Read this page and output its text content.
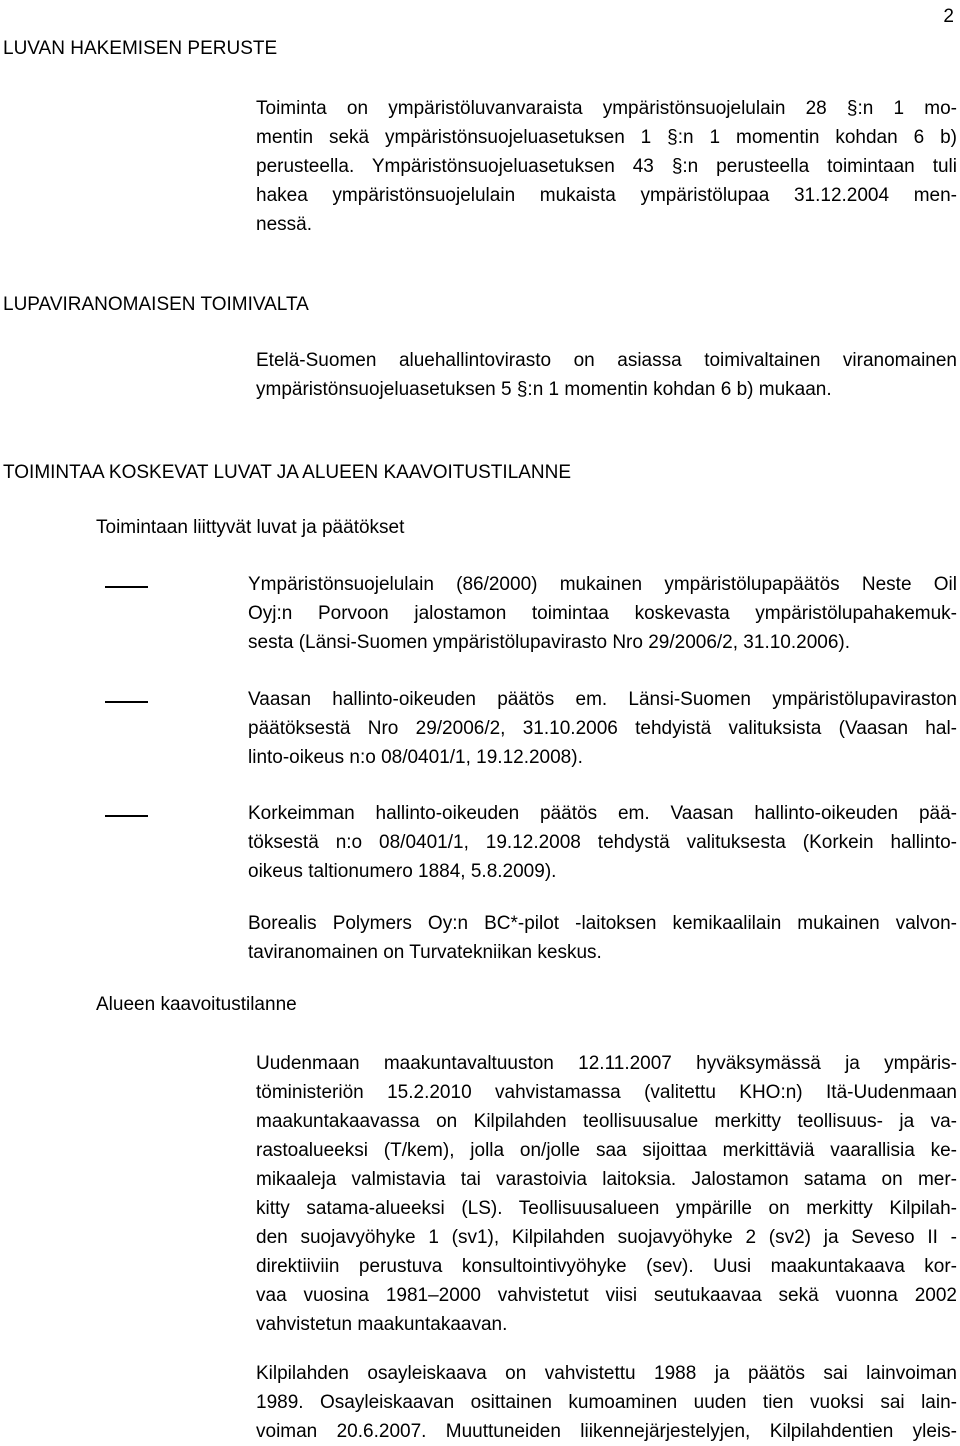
2
LUVAN HAKEMISEN PERUSTE
Toiminta on ympäristöluvanvaraista ympäristönsuojelulain 28 §:n 1 mo-
mentin sekä ympäristönsuojeluasetuksen 1 §:n 1 momentin kohdan 6 b)
perusteella. Ympäristönsuojeluasetuksen 43 §:n perusteella toimintaan tuli
hakea ympäristönsuojelulain mukaista ympäristölupaa 31.12.2004 men-
nessä.
LUPAVIRANOMAISEN TOIMIVALTA
Etelä-Suomen aluehallintovirasto on asiassa toimivaltainen viranomainen
ympäristönsuojeluasetuksen 5 §:n 1 momentin kohdan 6 b) mukaan.
TOIMINTAA KOSKEVAT LUVAT JA ALUEEN KAAVOITUSTILANNE
Toimintaan liittyvät luvat ja päätökset
Ympäristönsuojelulain (86/2000) mukainen ympäristölupapäätös Neste Oil
Oyj:n Porvoon jalostamon toimintaa koskevasta ympäristölupahakemuk-
sesta (Länsi-Suomen ympäristölupavirasto Nro 29/2006/2, 31.10.2006).
Vaasan hallinto-oikeuden päätös em. Länsi-Suomen ympäristölupaviraston
päätöksestä Nro 29/2006/2, 31.10.2006 tehdyistä valituksista (Vaasan hal-
linto-oikeus n:o 08/0401/1, 19.12.2008).
Korkeimman hallinto-oikeuden päätös em. Vaasan hallinto-oikeuden pää-
töksestä n:o 08/0401/1, 19.12.2008 tehdystä valituksesta (Korkein hallinto-
oikeus taltionumero 1884, 5.8.2009).
Borealis Polymers Oy:n BC*-pilot -laitoksen kemikaalilain mukainen valvon-
taviranomainen on Turvatekniikan keskus.
Alueen kaavoitustilanne
Uudenmaan maakuntavaltuuston 12.11.2007 hyväksymässä ja ympäris-
töministeriön 15.2.2010 vahvistamassa (valitettu KHO:n) Itä-Uudenmaan
maakuntakaavassa on Kilpilahden teollisuusalue merkitty teollisuus- ja va-
rastoalueeksi (T/kem), jolla on/jolle saa sijoittaa merkittäviä vaarallisia ke-
mikaaleja valmistavia tai varastoivia laitoksia. Jalostamon satama on mer-
kitty satama-alueeksi (LS). Teollisuusalueen ympärille on merkitty Kilpilah-
den suojavyöhyke 1 (sv1), Kilpilahden suojavyöhyke 2 (sv2) ja Seveso II -
direktiiviin perustuva konsultointivyöhyke (sev). Uusi maakuntakaava kor-
vaa vuosina 1981–2000 vahvistetut viisi seutukaavaa sekä vuonna 2002
vahvistetun maakuntakaavan.
Kilpilahden osayleiskaava on vahvistettu 1988 ja päätös sai lainvoiman
1989. Osayleiskaavan osittainen kumoaminen uuden tien vuoksi sai lain-
voiman 20.6.2007. Muuttuneiden liikennejärjestelyjen, Kilpilahdentien yleis-
